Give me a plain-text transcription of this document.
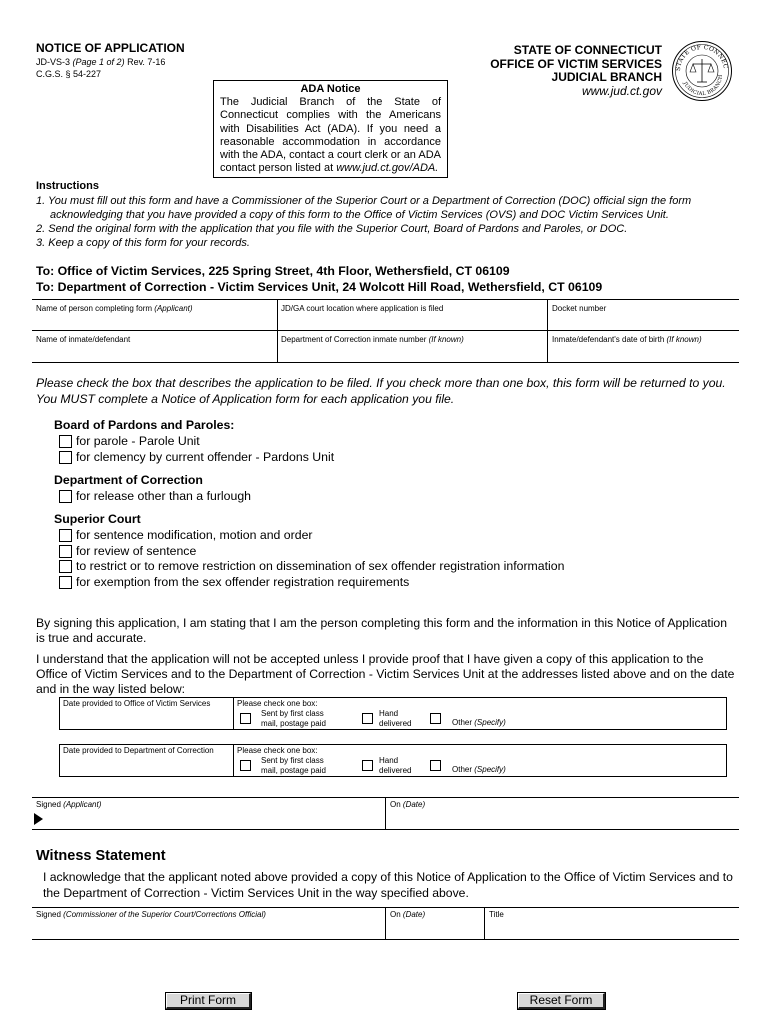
NOTICE OF APPLICATION
JD-VS-3 (Page 1 of 2) Rev. 7-16
C.G.S. § 54-227
STATE OF CONNECTICUT
OFFICE OF VICTIM SERVICES
JUDICIAL BRANCH
www.jud.ct.gov
STATE OF CONNEC
JUDICIAL BRANCH
ADA Notice
The Judicial Branch of the State of Connecticut complies with the Americans with Disabilities Act (ADA). If you need a reasonable accommodation in accordance with the ADA, contact a court clerk or an ADA contact person listed at www.jud.ct.gov/ADA.
Instructions
1. You must fill out this form and have a Commissioner of the Superior Court or a Department of Correction (DOC) official sign the form acknowledging that you have provided a copy of this form to the Office of Victim Services (OVS) and DOC Victim Services Unit.
2. Send the original form with the application that you file with the Superior Court, Board of Pardons and Paroles, or DOC.
3. Keep a copy of this form for your records.
To: Office of Victim Services, 225 Spring Street, 4th Floor, Wethersfield, CT 06109
To: Department of Correction - Victim Services Unit, 24 Wolcott Hill Road, Wethersfield, CT 06109
Name of person completing form (Applicant)	JD/GA court location where application is filed	Docket number
Name of inmate/defendant	Department of Correction inmate number (If known)	Inmate/defendant's date of birth (If known)
Please check the box that describes the application to be filed. If you check more than one box, this form will be returned to you. You MUST complete a Notice of Application form for each application you file.
Board of Pardons and Paroles:
for parole - Parole Unit
for clemency by current offender - Pardons Unit
Department of Correction
for release other than a furlough
Superior Court
for sentence modification, motion and order
for review of sentence
to restrict or to remove restriction on dissemination of sex offender registration information
for exemption from the sex offender registration requirements
By signing this application, I am stating that I am the person completing this form and the information in this Notice of Application is true and accurate.
I understand that the application will not be accepted unless I provide proof that I have given a copy of this application to the Office of Victim Services and to the Department of Correction - Victim Services Unit at the addresses listed above and on the date and in the way listed below:
Date provided to Office of Victim Services	Please check one box:
Sent by first class
mail, postage paid
Hand
delivered	Other (Specify)
Date provided to Department of Correction	Please check one box:
Sent by first class
mail, postage paid
Hand
delivered	Other (Specify)
Signed (Applicant)	On (Date)
Witness Statement
I acknowledge that the applicant noted above provided a copy of this Notice of Application to the Office of Victim Services and to the Department of Correction - Victim Services Unit in the way specified above.
Signed (Commissioner of the Superior Court/Corrections Official)	On (Date)	Title
Print Form	Reset Form
